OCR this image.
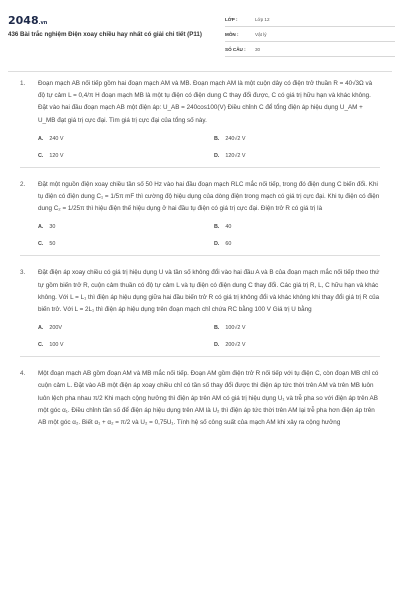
2048.vn
436 Bài trắc nghiệm Điện xoay chiều hay nhất có giải chi tiết (P11)
LỚP :	Lớp 12
MÔN :	Vật lý
SỐ CÂU : 30
1. Đoạn mạch AB nối tiếp gồm hai đoạn mạch AM và MB. Đoạn mạch AM là một cuộn dây có điện trở thuần R = 40√3Ω và độ tự cảm L = 0,4/π H đoạn mạch MB là một tụ điện có điện dung C thay đổi được, C có giá trị hữu hạn và khác không. Đặt vào hai đầu đoạn mạch AB một điện áp: U_AB = 240cos100(V) Điều chỉnh C để tổng điện áp hiệu dụng U_AM + U_MB đạt giá trị cực đại. Tìm giá trị cực đại của tổng số này.
A. 240 V	B. 240√2 V
C. 120 V	D. 120√2 V
2. Đặt một nguồn điện xoay chiều tần số 50 Hz vào hai đầu đoạn mạch RLC mắc nối tiếp, trong đó điện dung C biến đổi. Khi tụ điện có điện dung C₁ = 1/5π mF thì cường độ hiệu dụng của dòng điện trong mạch có giá trị cực đại. Khi tụ điện có điện dung C₂ = 1/25π thì hiệu điện thế hiệu dụng ở hai đầu tụ điện có giá trị cực đại. Điện trở R có giá trị là
A. 30	B. 40
C. 50	D. 60
3. Đặt điện áp xoay chiều có giá trị hiệu dụng U và tần số không đổi vào hai đầu A và B của đoạn mạch mắc nối tiếp theo thứ tự gồm biến trở R, cuộn cảm thuần có độ tự cảm L và tụ điện có điện dung C thay đổi. Các giá trị R, L, C hữu hạn và khác không. Với L = L₁ thì điện áp hiệu dụng giữa hai đầu biến trở R có giá trị không đổi và khác không khi thay đổi giá trị R của biến trở. Với L = 2L₁ thì điện áp hiệu dụng trên đoạn mạch chỉ chứa RC bằng 100 V Giá trị U bằng
A. 200V	B. 100√2 V
C. 100 V	D. 200√2 V
4. Một đoạn mạch AB gồm đoạn AM và MB mắc nối tiếp. Đoạn AM gồm điện trở R nối tiếp với tụ điện C, còn đoạn MB chỉ có cuộn cảm L. Đặt vào AB một điện áp xoay chiều chỉ có tần số thay đổi được thì điện áp tức thời trên AM và trên MB luôn luôn lệch pha nhau π/2 Khi mạch cộng hưởng thì điện áp trên AM có giá trị hiệu dụng U₁ và trễ pha so với điện áp trên AB một góc α₁. Điều chỉnh tần số để điện áp hiệu dụng trên AM là U₂ thì điện áp tức thời trên AM lại trễ pha hơn điện áp trên AB một góc α₂. Biết α₁ + α₂ = π/2 và U₂ = 0,75U₁. Tính hệ số công suất của mạch AM khi xảy ra cộng hưởng
